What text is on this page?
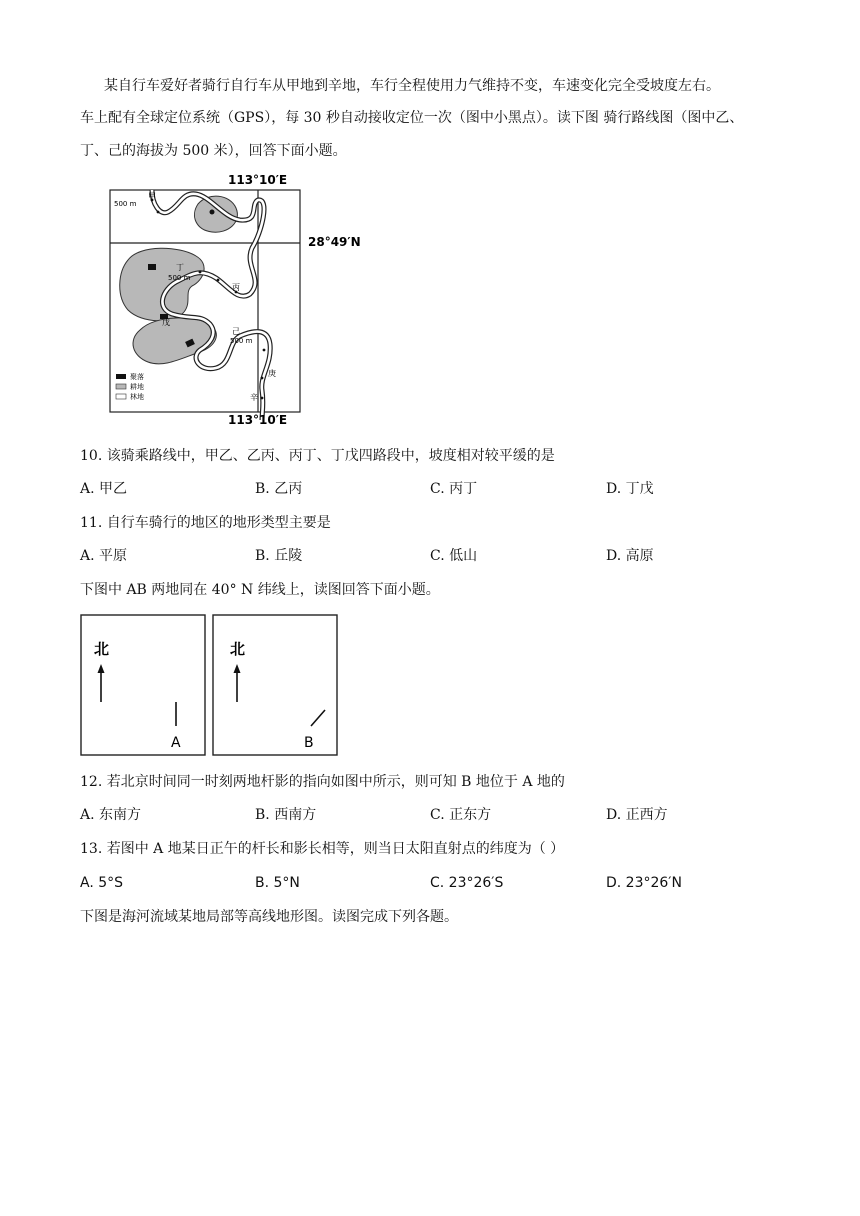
某自行车爱好者骑行自行车从甲地到辛地，车行全程使用力气维持不变，车速变化完全受坡度左右。
车上配有全球定位系统（GPS），每 30 秒自动接收定位一次（图中小黑点）。读下图 骑行路线图（图中乙、
丁、己的海拔为 500 米），回答下面小题。
113°10′E
113°10′E
28°49′N
甲
500 m
丁
500 m
丙
戊
己
500 m
庚
辛
聚落
耕地
林地
10. 该骑乘路线中，甲乙、乙丙、丙丁、丁戊四路段中，坡度相对较平缓的是
A. 甲乙	B. 乙丙	C. 丙丁	D. 丁戊
11. 自行车骑行的地区的地形类型主要是
A. 平原	B. 丘陵	C. 低山	D. 高原
下图中 AB 两地同在 40° N 纬线上，读图回答下面小题。
北
A
北
B
12. 若北京时间同一时刻两地杆影的指向如图中所示，则可知 B 地位于 A 地的
A. 东南方	B. 西南方	C. 正东方	D. 正西方
13. 若图中 A 地某日正午的杆长和影长相等，则当日太阳直射点的纬度为（ ）
A. 5°S	B. 5°N	C. 23°26′S	D. 23°26′N
下图是海河流域某地局部等高线地形图。读图完成下列各题。
